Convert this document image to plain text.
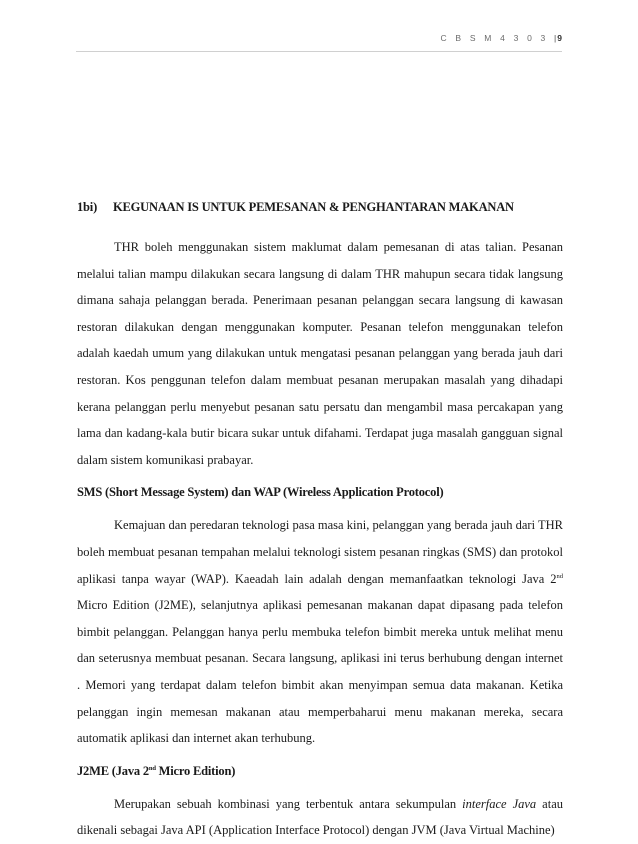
C B S M 4 3 0 3 |9
1bi) KEGUNAAN IS UNTUK PEMESANAN & PENGHANTARAN MAKANAN

THR boleh menggunakan sistem maklumat dalam pemesanan di atas talian. Pesanan melalui talian mampu dilakukan secara langsung di dalam THR mahupun secara tidak langsung dimana sahaja pelanggan berada. Penerimaan pesanan pelanggan secara langsung di kawasan restoran dilakukan dengan menggunakan komputer. Pesanan telefon menggunakan telefon adalah kaedah umum yang dilakukan untuk mengatasi pesanan pelanggan yang berada jauh dari restoran. Kos penggunan telefon dalam membuat pesanan merupakan masalah yang dihadapi kerana pelanggan perlu menyebut pesanan satu persatu dan mengambil masa percakapan yang lama dan kadang-kala butir bicara sukar untuk difahami. Terdapat juga masalah gangguan signal dalam sistem komunikasi prabayar.

SMS (Short Message System) dan WAP (Wireless Application Protocol)

Kemajuan dan peredaran teknologi pasa masa kini, pelanggan yang berada jauh dari THR boleh membuat pesanan tempahan melalui teknologi sistem pesanan ringkas (SMS) dan protokol aplikasi tanpa wayar (WAP). Kaeadah lain adalah dengan memanfaatkan teknologi Java 2nd Micro Edition (J2ME), selanjutnya aplikasi pemesanan makanan dapat dipasang pada telefon bimbit pelanggan. Pelanggan hanya perlu membuka telefon bimbit mereka untuk melihat menu dan seterusnya membuat pesanan. Secara langsung, aplikasi ini terus berhubung dengan internet . Memori yang terdapat dalam telefon bimbit akan menyimpan semua data makanan. Ketika pelanggan ingin memesan makanan atau memperbaharui menu makanan mereka, secara automatik aplikasi dan internet akan terhubung.

J2ME (Java 2nd Micro Edition)

Merupakan sebuah kombinasi yang terbentuk antara sekumpulan interface Java atau dikenali sebagai Java API (Application Interface Protocol) dengan JVM (Java Virtual Machine)
